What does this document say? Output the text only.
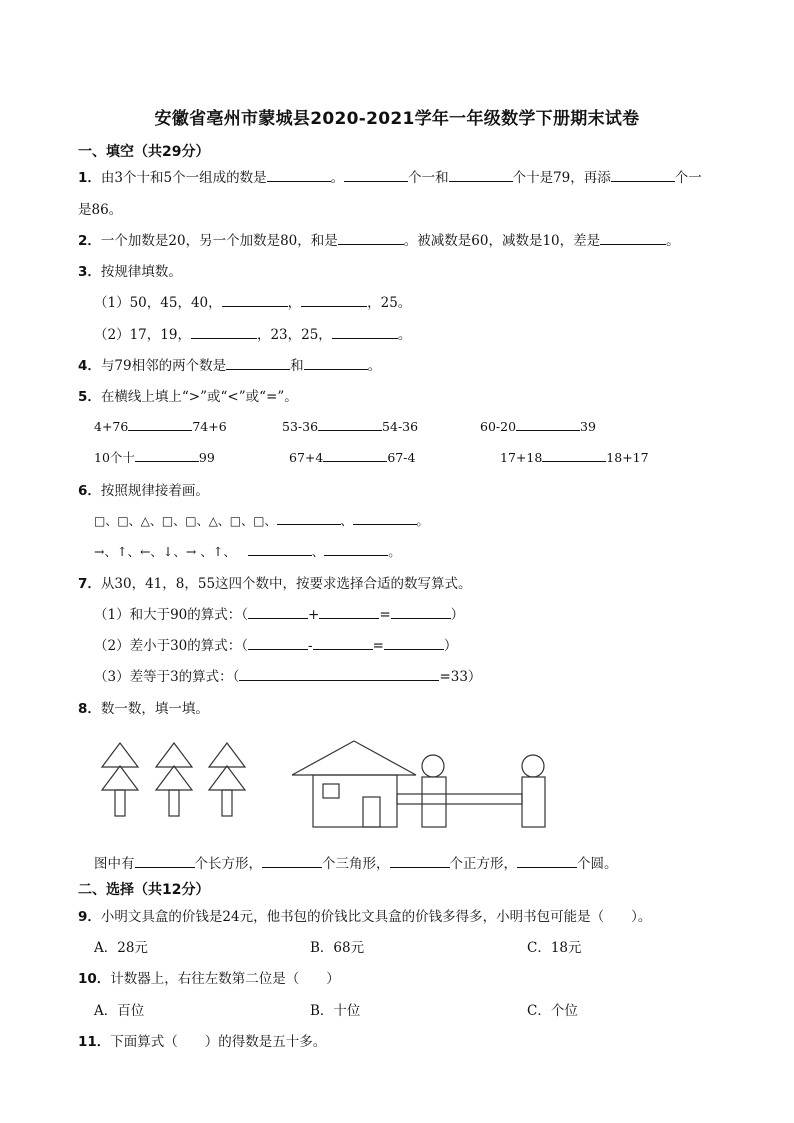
安徽省亳州市蒙城县2020-2021学年一年级数学下册期末试卷
一、填空（共29分）
1．由3个十和5个一组成的数是	。	个一和	个十是79，再添	个一
是86。
2．一个加数是20，另一个加数是80，和是	。被减数是60，减数是10，差是	。
3．按规律填数。
（1）50，45，40，	，	，25。
（2）17，19，	，23，25，	。
4．与79相邻的两个数是	和	。
5．在横线上填上“>”或“<”或“=”。
4+76	74+6	53-36	54-36	60-20	39
10个十	99	67+4	67-4	17+18	18+17
6．按照规律接着画。
□、□、△、□、□、△、□、□、	、	。
→、↑、←、↓、→ 、↑、	、	。
7．从30，41，8，55这四个数中，按要求选择合适的数写算式。
（1）和大于90的算式：（	+	=	）
（2）差小于30的算式：（	-	=	）
（3）差等于3的算式：（	=33）
8．数一数，填一填。
图中有	个长方形，	个三角形，	个正方形，	个圆。
二、选择（共12分）
9．小明文具盒的价钱是24元，他书包的价钱比文具盒的价钱多得多，小明书包可能是（　　）。
A．28元	B．68元	C．18元
10．计数器上，右往左数第二位是（　　）
A．百位	B．十位	C．个位
11．下面算式（　　）的得数是五十多。
